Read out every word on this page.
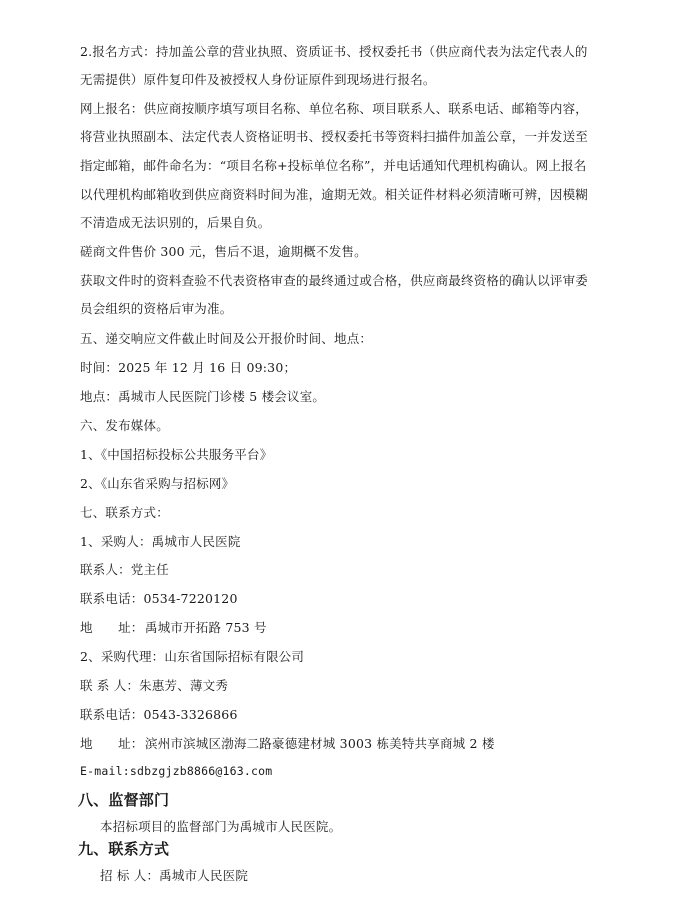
2.报名方式：持加盖公章的营业执照、资质证书、授权委托书（供应商代表为法定代表人的
无需提供）原件复印件及被授权人身份证原件到现场进行报名。
网上报名：供应商按顺序填写项目名称、单位名称、项目联系人、联系电话、邮箱等内容，
将营业执照副本、法定代表人资格证明书、授权委托书等资料扫描件加盖公章，一并发送至
指定邮箱，邮件命名为：“项目名称+投标单位名称”，并电话通知代理机构确认。网上报名
以代理机构邮箱收到供应商资料时间为准，逾期无效。相关证件材料必须清晰可辨，因模糊
不清造成无法识别的，后果自负。
磋商文件售价 300 元，售后不退，逾期概不发售。
获取文件时的资料查验不代表资格审查的最终通过或合格，供应商最终资格的确认以评审委
员会组织的资格后审为准。
五、递交响应文件截止时间及公开报价时间、地点：
时间：2025 年 12 月 16 日 09:30；
地点：禹城市人民医院门诊楼 5 楼会议室。
六、发布媒体。
1、《中国招标投标公共服务平台》
2、《山东省采购与招标网》
七、联系方式：
1、采购人：禹城市人民医院
联系人：党主任
联系电话：0534-7220120
地　　址：禹城市开拓路 753 号
2、采购代理：山东省国际招标有限公司
联 系 人：朱惠芳、薄文秀
联系电话：0543-3326866
地　　址：滨州市滨城区渤海二路豪德建材城 3003 栋美特共享商城 2 楼
E-mail:sdbzgjzb8866@163.com
八、监督部门
本招标项目的监督部门为禹城市人民医院。
九、联系方式
招 标 人：禹城市人民医院
